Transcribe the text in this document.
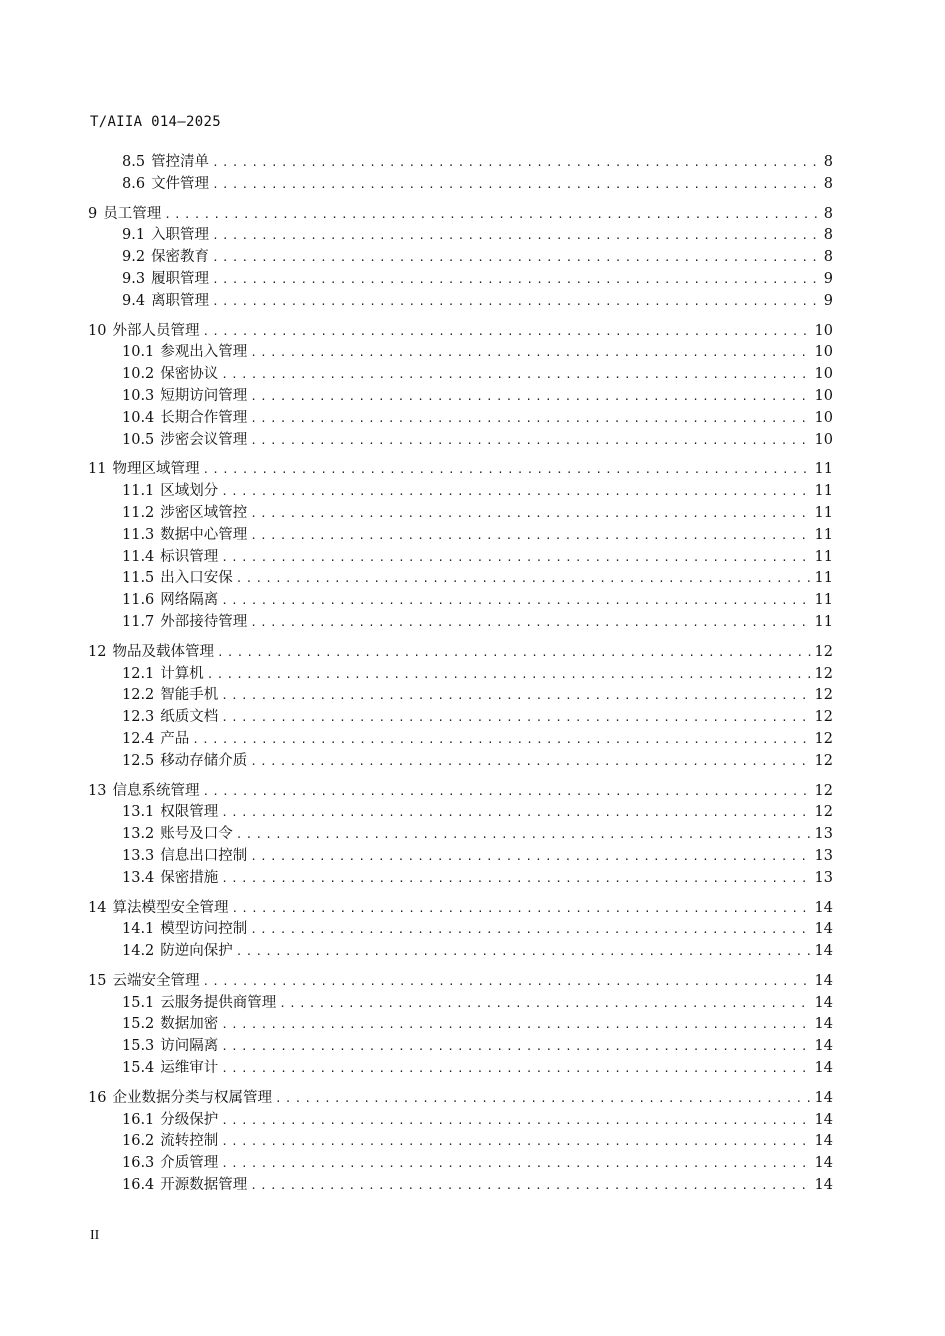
T/AIIA 014—2025
8.5 管控清单 .....	8
8.6 文件管理 .....	8
9 员工管理 .....	8
9.1 入职管理 .....	8
9.2 保密教育 .....	8
9.3 履职管理 .....	9
9.4 离职管理 .....	9
10 外部人员管理 .....	10
10.1 参观出入管理 .....	10
10.2 保密协议 .....	10
10.3 短期访问管理 .....	10
10.4 长期合作管理 .....	10
10.5 涉密会议管理 .....	10
11 物理区域管理 .....	11
11.1 区域划分 .....	11
11.2 涉密区域管控 .....	11
11.3 数据中心管理 .....	11
11.4 标识管理 .....	11
11.5 出入口安保 .....	11
11.6 网络隔离 .....	11
11.7 外部接待管理 .....	11
12 物品及载体管理 .....	12
12.1 计算机 .....	12
12.2 智能手机 .....	12
12.3 纸质文档 .....	12
12.4 产品 .....	12
12.5 移动存储介质 .....	12
13 信息系统管理 .....	12
13.1 权限管理 .....	12
13.2 账号及口令 .....	13
13.3 信息出口控制 .....	13
13.4 保密措施 .....	13
14 算法模型安全管理 .....	14
14.1 模型访问控制 .....	14
14.2 防逆向保护 .....	14
15 云端安全管理 .....	14
15.1 云服务提供商管理 .....	14
15.2 数据加密 .....	14
15.3 访问隔离 .....	14
15.4 运维审计 .....	14
16 企业数据分类与权属管理 .....	14
16.1 分级保护 .....	14
16.2 流转控制 .....	14
16.3 介质管理 .....	14
16.4 开源数据管理 .....	14
II
